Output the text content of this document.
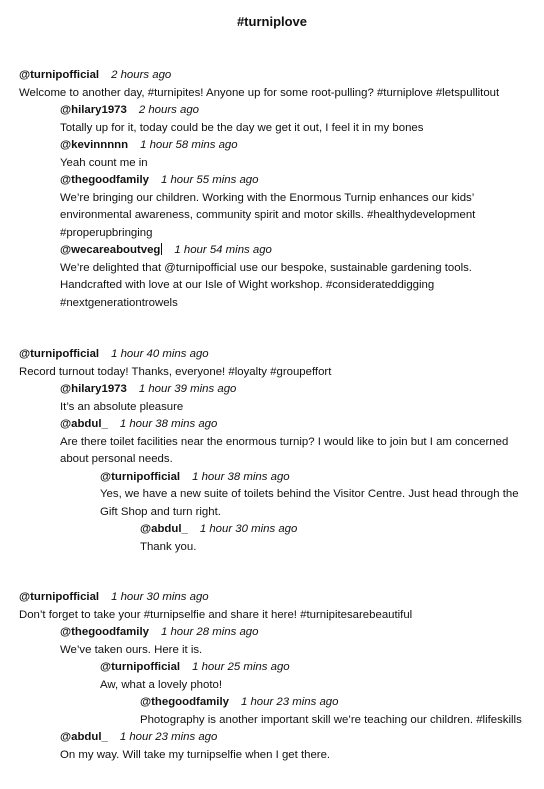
#turniplove
@turnipofficial 2 hours ago
Welcome to another day, #turnipites! Anyone up for some root-pulling? #turniplove #letspullitout
@hilary1973 2 hours ago
Totally up for it, today could be the day we get it out, I feel it in my bones
@kevinnnnn 1 hour 58 mins ago
Yeah count me in
@thegoodfamily 1 hour 55 mins ago
We’re bringing our children. Working with the Enormous Turnip enhances our kids’ environmental awareness, community spirit and motor skills. #healthydevelopment #properupbringing
@wecareaboutveg 1 hour 54 mins ago
We’re delighted that @turnipofficial use our bespoke, sustainable gardening tools. Handcrafted with love at our Isle of Wight workshop. #considerateddigging #nextgenerationtrowels
@turnipofficial 1 hour 40 mins ago
Record turnout today! Thanks, everyone! #loyalty #groupeffort
@hilary1973 1 hour 39 mins ago
It’s an absolute pleasure
@abdul_ 1 hour 38 mins ago
Are there toilet facilities near the enormous turnip? I would like to join but I am concerned about personal needs.
@turnipofficial 1 hour 38 mins ago
Yes, we have a new suite of toilets behind the Visitor Centre. Just head through the Gift Shop and turn right.
@abdul_ 1 hour 30 mins ago
Thank you.
@turnipofficial 1 hour 30 mins ago
Don’t forget to take your #turnipselfie and share it here! #turnipitesarebeautiful
@thegoodfamily 1 hour 28 mins ago
We’ve taken ours. Here it is.
@turnipofficial 1 hour 25 mins ago
Aw, what a lovely photo!
@thegoodfamily 1 hour 23 mins ago
Photography is another important skill we’re teaching our children. #lifeskills
@abdul_ 1 hour 23 mins ago
On my way. Will take my turnipselfie when I get there.
